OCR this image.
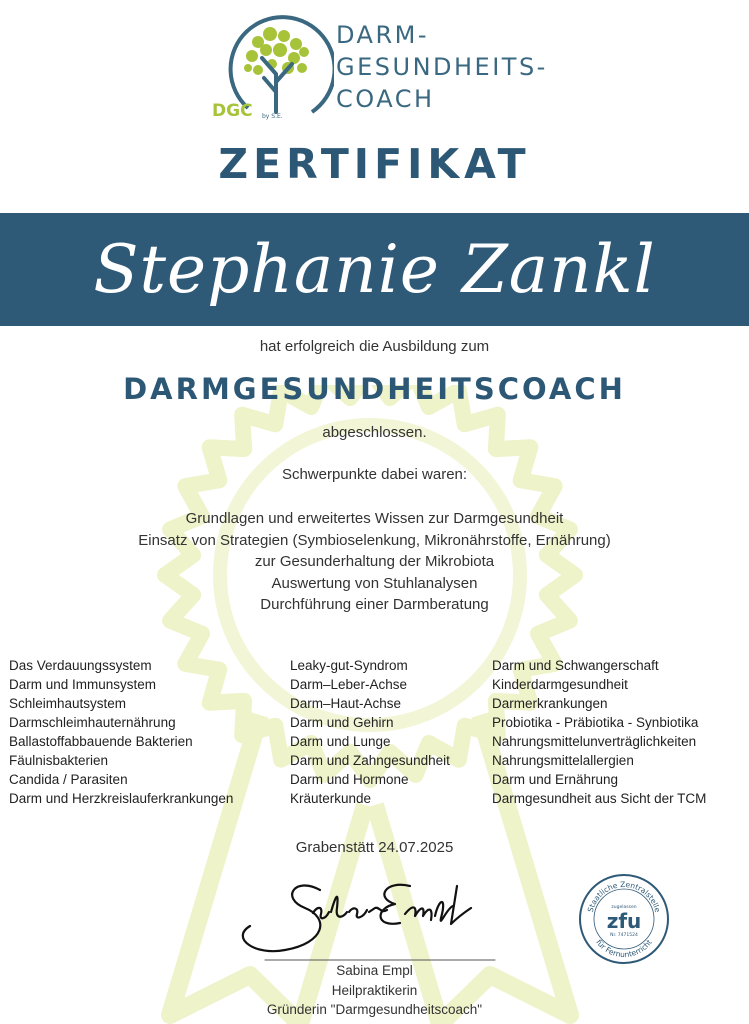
DGC by S.E.
DARM-
GESUNDHEITS-
COACH
ZERTIFIKAT
Stephanie Zankl
hat erfolgreich die Ausbildung zum
DARMGESUNDHEITSCOACH
abgeschlossen.
Schwerpunkte dabei waren:
Grundlagen und erweitertes Wissen zur Darmgesundheit
Einsatz von Strategien (Symbioselenkung, Mikronährstoffe, Ernährung)
zur Gesunderhaltung der Mikrobiota
Auswertung von Stuhlanalysen
Durchführung einer Darmberatung
Das Verdauungssystem
Darm und Immunsystem
Schleimhautsystem
Darmschleimhauternährung
Ballastoffabbauende Bakterien
Fäulnisbakterien
Candida / Parasiten
Darm und Herzkreislauferkrankungen
Leaky-gut-Syndrom
Darm–Leber-Achse
Darm–Haut-Achse
Darm und Gehirn
Darm und Lunge
Darm und Zahngesundheit
Darm und Hormone
Kräuterkunde
Darm und Schwangerschaft
Kinderdarmgesundheit
Darmerkrankungen
Probiotika - Präbiotika - Synbiotika
Nahrungsmittelunverträglichkeiten
Nahrungsmittelallergien
Darm und Ernährung
Darmgesundheit aus Sicht der TCM
Grabenstätt 24.07.2025
Sabina Empl
Heilpraktikerin
Gründerin "Darmgesundheitscoach"
Staatliche Zentralstelle
für Fernunterricht
zugelassen
zfu
Nr. 7471524
